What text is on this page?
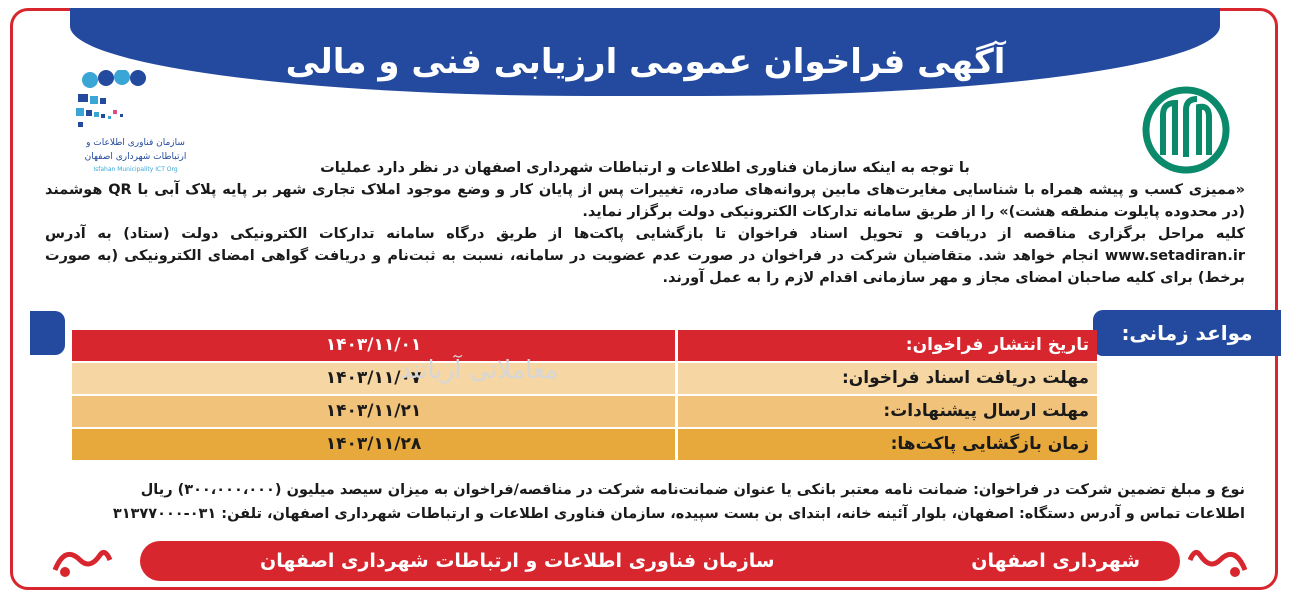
آگهی فراخوان عمومی ارزیابی فنی و مالی
سازمان فناوری اطلاعات و
ارتباطات شهرداری اصفهان
Isfahan Municipality ICT Org	با توجه به اینکه سازمان فناوری اطلاعات و ارتباطات شهرداری اصفهان در نظر دارد عملیات

«ممیزی کسب و پیشه همراه با شناسایی مغایرت‌های مابین پروانه‌های صادره، تغییرات پس از پایان کار و وضع موجود املاک تجاری شهر بر پایه پلاک آبی با QR هوشمند (در محدوده پایلوت منطقه هشت)» را از طریق سامانه تدارکات الکترونیکی دولت برگزار نماید.

کلیه مراحل برگزاری مناقصه از دریافت و تحویل اسناد فراخوان تا بازگشایی پاکت‌ها از طریق درگاه سامانه تدارکات الکترونیکی دولت (ستاد) به آدرس www.setadiran.ir انجام خواهد شد. متقاضیان شرکت در فراخوان در صورت عدم عضویت در سامانه، نسبت به ثبت‌نام و دریافت گواهی امضای الکترونیکی (به صورت برخط) برای کلیه صاحبان امضای مجاز و مهر سازمانی اقدام لازم را به عمل آورند.

مواعد زمانی:
تاریخ انتشار فراخوان:
۱۴۰۳/۱۱/۰۱
مهلت دریافت اسناد فراخوان:
۱۴۰۳/۱۱/۰۷
مهلت ارسال پیشنهادات:
۱۴۰۳/۱۱/۲۱
زمان بازگشایی پاکت‌ها:
۱۴۰۳/۱۱/۲۸
معاملاتی آریاتند

نوع و مبلغ تضمین شرکت در فراخوان: ضمانت نامه معتبر بانکی یا عنوان ضمانت‌نامه شرکت در مناقصه/فراخوان به میزان سیصد میلیون (۳۰۰،۰۰۰،۰۰۰) ریال

اطلاعات تماس و آدرس دستگاه: اصفهان، بلوار آئینه خانه، ابتدای بن بست سپیده، سازمان فناوری اطلاعات و ارتباطات شهرداری اصفهان، تلفن: ۰۳۱-۳۱۳۷۷۰۰۰

سازمان فناوری اطلاعات و ارتباطات شهرداری اصفهان	شهرداری اصفهان
